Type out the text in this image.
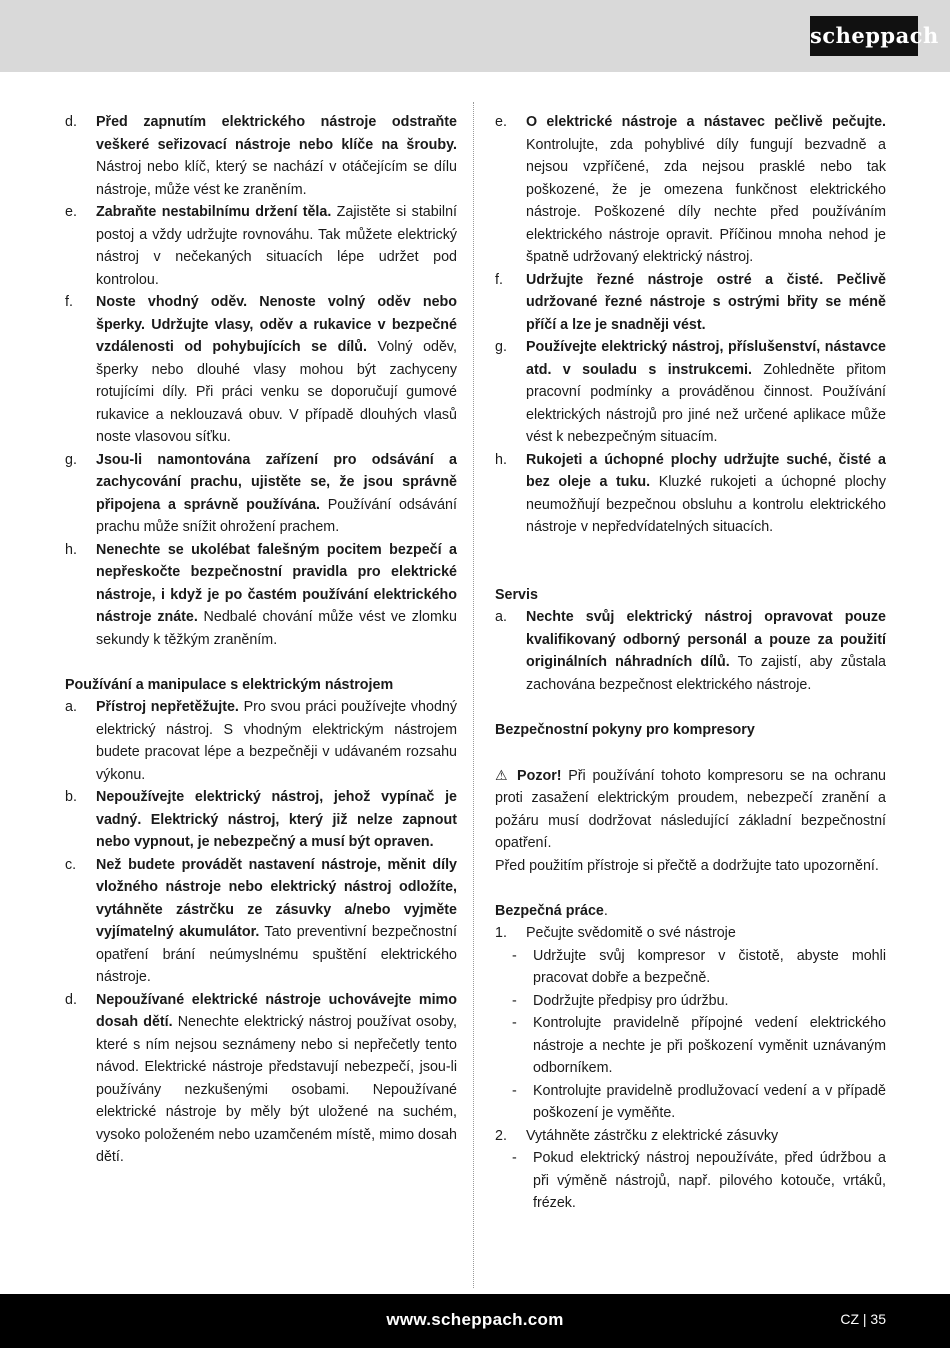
scheppach
d.	Před zapnutím elektrického nástroje odstraňte veškeré seřizovací nástroje nebo klíče na šrouby. Nástroj nebo klíč, který se nachází v otáčejícím se dílu nástroje, může vést ke zraněním.
e.	Zabraňte nestabilnímu držení těla. Zajistěte si stabilní postoj a vždy udržujte rovnováhu. Tak můžete elektrický nástroj v nečekaných situacích lépe udržet pod kontrolou.
f.	Noste vhodný oděv. Nenoste volný oděv nebo šperky. Udržujte vlasy, oděv a rukavice v bezpečné vzdálenosti od pohybujících se dílů. Volný oděv, šperky nebo dlouhé vlasy mohou být zachyceny rotujícími díly. Při práci venku se doporučují gumové rukavice a neklouzavá obuv. V případě dlouhých vlasů noste vlasovou síťku.
g.	Jsou-li namontována zařízení pro odsávání a zachycování prachu, ujistěte se, že jsou správně připojena a správně používána. Používání odsávání prachu může snížit ohrožení prachem.
h.	Nenechte se ukolébat falešným pocitem bezpečí a nepřeskočte bezpečnostní pravidla pro elektrické nástroje, i když je po častém používání elektrického nástroje znáte. Nedbalé chování může vést ve zlomku sekundy k těžkým zraněním.
Používání a manipulace s elektrickým nástrojem
a.	Přístroj nepřetěžujte. Pro svou práci používejte vhodný elektrický nástroj. S vhodným elektrickým nástrojem budete pracovat lépe a bezpečněji v udávaném rozsahu výkonu.
b.	Nepoužívejte elektrický nástroj, jehož vypínač je vadný. Elektrický nástroj, který již nelze zapnout nebo vypnout, je nebezpečný a musí být opraven.
c.	Než budete provádět nastavení nástroje, měnit díly vložného nástroje nebo elektrický nástroj odložíte, vytáhněte zástrčku ze zásuvky a/nebo vyjměte vyjímatelný akumulátor. Tato preventivní bezpečnostní opatření brání neúmyslnému spuštění elektrického nástroje.
d.	Nepoužívané elektrické nástroje uchovávejte mimo dosah dětí. Nenechte elektrický nástroj používat osoby, které s ním nejsou seznámeny nebo si nepřečetly tento návod. Elektrické nástroje představují nebezpečí, jsou-li používány nezkušenými osobami. Nepoužívané elektrické nástroje by měly být uložené na suchém, vysoko položeném nebo uzamčeném místě, mimo dosah dětí.
e.	O elektrické nástroje a nástavec pečlivě pečujte. Kontrolujte, zda pohyblivé díly fungují bezvadně a nejsou vzpříčené, zda nejsou prasklé nebo tak poškozené, že je omezena funkčnost elektrického nástroje. Poškozené díly nechte před používáním elektrického nástroje opravit. Příčinou mnoha nehod je špatně udržovaný elektrický nástroj.
f.	Udržujte řezné nástroje ostré a čisté. Pečlivě udržované řezné nástroje s ostrými břity se méně příčí a lze je snadněji vést.
g.	Používejte elektrický nástroj, příslušenství, nástavce atd. v souladu s instrukcemi. Zohledněte přitom pracovní podmínky a prováděnou činnost. Používání elektrických nástrojů pro jiné než určené aplikace může vést k nebezpečným situacím.
h.	Rukojeti a úchopné plochy udržujte suché, čisté a bez oleje a tuku. Kluzké rukojeti a úchopné plochy neumožňují bezpečnou obsluhu a kontrolu elektrického nástroje v nepředvídatelných situacích.
Servis
a.	Nechte svůj elektrický nástroj opravovat pouze kvalifikovaný odborný personál a pouze za použití originálních náhradních dílů. To zajistí, aby zůstala zachována bezpečnost elektrického nástroje.
Bezpečnostní pokyny pro kompresory
⚠ Pozor! Při používání tohoto kompresoru se na ochranu proti zasažení elektrickým proudem, nebezpečí zranění a požáru musí dodržovat následující základní bezpečnostní opatření.
Před použitím přístroje si přečtě a dodržujte tato upozornění.
Bezpečná práce.
1.	Pečujte svědomitě o své nástroje
-	Udržujte svůj kompresor v čistotě, abyste mohli pracovat dobře a bezpečně.
-	Dodržujte předpisy pro údržbu.
-	Kontrolujte pravidelně přípojné vedení elektrického nástroje a nechte je při poškození vyměnit uznávaným odborníkem.
-	Kontrolujte pravidelně prodlužovací vedení a v případě poškození je vyměňte.
2.	Vytáhněte zástrčku z elektrické zásuvky
-	Pokud elektrický nástroj nepoužíváte, před údržbou a při výměně nástrojů, např. pilového kotouče, vrtáků, frézek.
www.scheppach.com	CZ | 35
